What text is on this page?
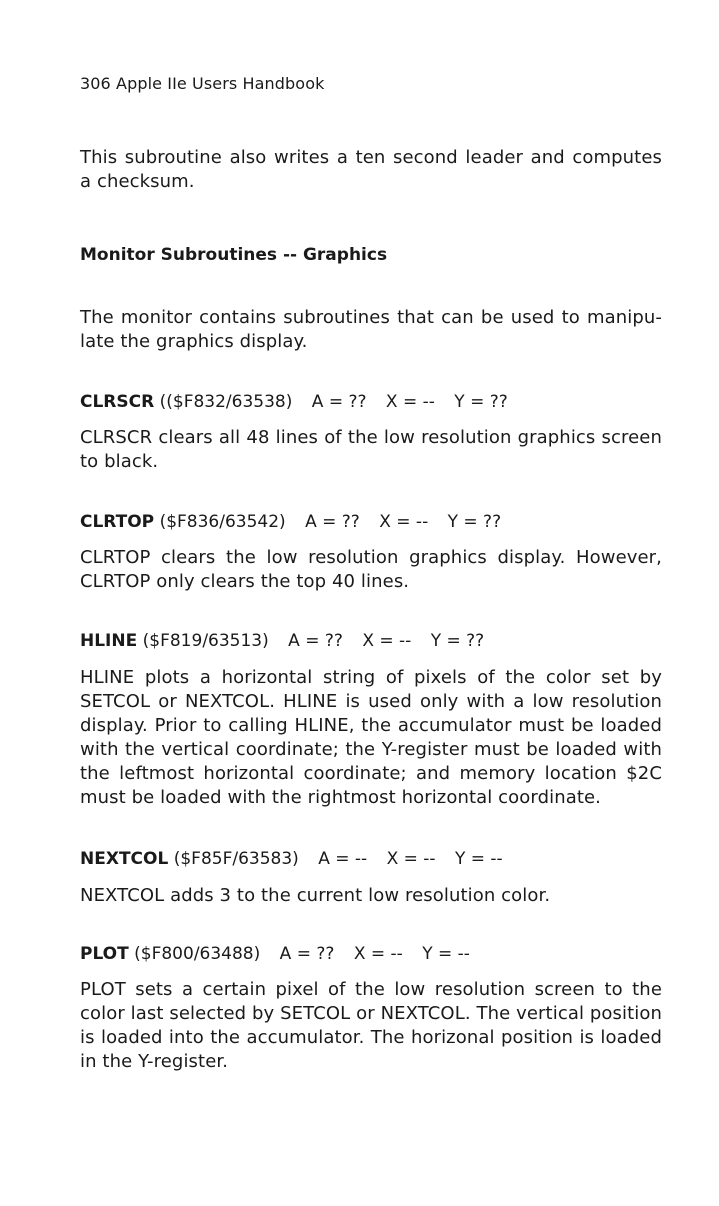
306 Apple IIe Users Handbook
This subroutine also writes a ten second leader and computes a checksum.
Monitor Subroutines -- Graphics
The monitor contains subroutines that can be used to manipu-late the graphics display.
CLRSCR (($F832/63538) A = ?? X = -- Y = ??
CLRSCR clears all 48 lines of the low resolution graphics screen to black.
CLRTOP ($F836/63542) A = ?? X = -- Y = ??
CLRTOP clears the low resolution graphics display. However, CLRTOP only clears the top 40 lines.
HLINE ($F819/63513) A = ?? X = -- Y = ??
HLINE plots a horizontal string of pixels of the color set by SETCOL or NEXTCOL. HLINE is used only with a low resolution display. Prior to calling HLINE, the accumulator must be loaded with the vertical coordinate; the Y-register must be loaded with the leftmost horizontal coordinate; and memory location $2C must be loaded with the rightmost horizontal coordinate.
NEXTCOL ($F85F/63583) A = -- X = -- Y = --
NEXTCOL adds 3 to the current low resolution color.
PLOT ($F800/63488) A = ?? X = -- Y = --
PLOT sets a certain pixel of the low resolution screen to the color last selected by SETCOL or NEXTCOL. The vertical position is loaded into the accumulator. The horizonal position is loaded in the Y-register.
